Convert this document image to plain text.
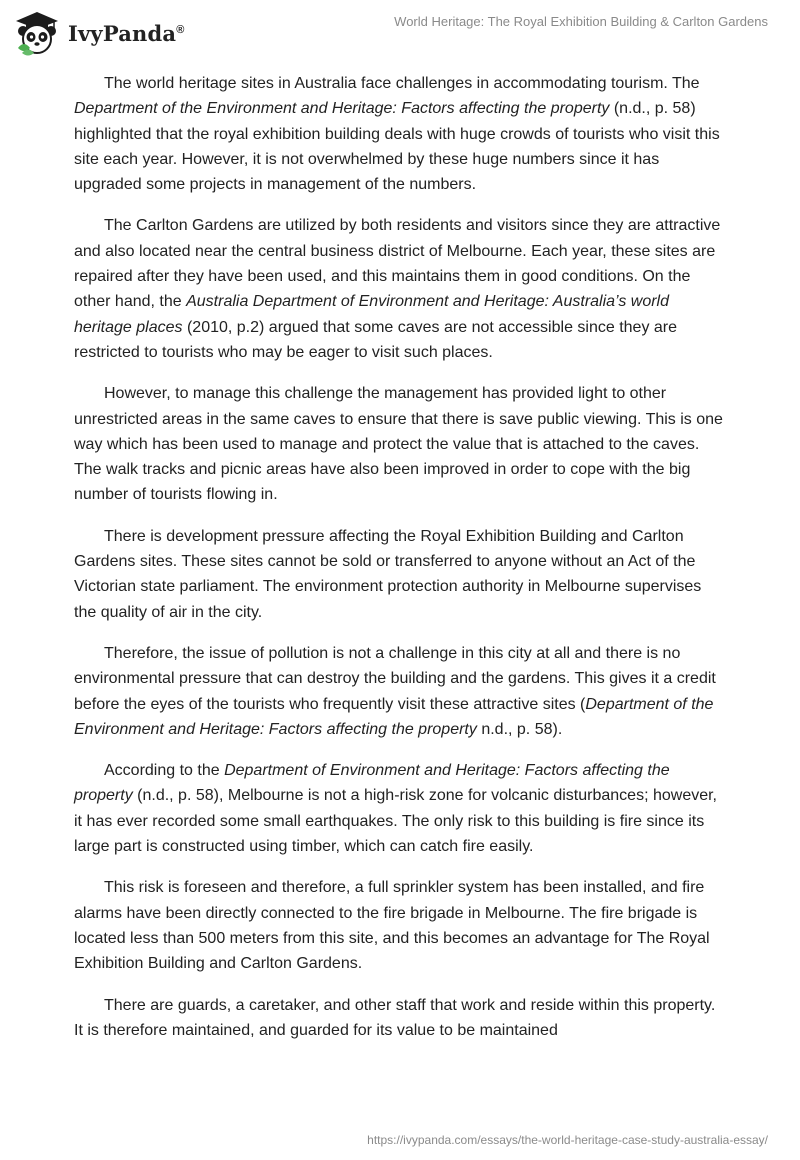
IvyPanda®
World Heritage: The Royal Exhibition Building & Carlton Gardens

The world heritage sites in Australia face challenges in accommodating tourism. The Department of the Environment and Heritage: Factors affecting the property (n.d., p. 58) highlighted that the royal exhibition building deals with huge crowds of tourists who visit this site each year. However, it is not overwhelmed by these huge numbers since it has upgraded some projects in management of the numbers.

The Carlton Gardens are utilized by both residents and visitors since they are attractive and also located near the central business district of Melbourne. Each year, these sites are repaired after they have been used, and this maintains them in good conditions. On the other hand, the Australia Department of Environment and Heritage: Australia’s world heritage places (2010, p.2) argued that some caves are not accessible since they are restricted to tourists who may be eager to visit such places.

However, to manage this challenge the management has provided light to other unrestricted areas in the same caves to ensure that there is save public viewing. This is one way which has been used to manage and protect the value that is attached to the caves. The walk tracks and picnic areas have also been improved in order to cope with the big number of tourists flowing in.

There is development pressure affecting the Royal Exhibition Building and Carlton Gardens sites. These sites cannot be sold or transferred to anyone without an Act of the Victorian state parliament. The environment protection authority in Melbourne supervises the quality of air in the city.

Therefore, the issue of pollution is not a challenge in this city at all and there is no environmental pressure that can destroy the building and the gardens. This gives it a credit before the eyes of the tourists who frequently visit these attractive sites (Department of the Environment and Heritage: Factors affecting the property n.d., p. 58).

According to the Department of Environment and Heritage: Factors affecting the property (n.d., p. 58), Melbourne is not a high-risk zone for volcanic disturbances; however, it has ever recorded some small earthquakes. The only risk to this building is fire since its large part is constructed using timber, which can catch fire easily.

This risk is foreseen and therefore, a full sprinkler system has been installed, and fire alarms have been directly connected to the fire brigade in Melbourne. The fire brigade is located less than 500 meters from this site, and this becomes an advantage for The Royal Exhibition Building and Carlton Gardens.

There are guards, a caretaker, and other staff that work and reside within this property. It is therefore maintained, and guarded for its value to be maintained

https://ivypanda.com/essays/the-world-heritage-case-study-australia-essay/
